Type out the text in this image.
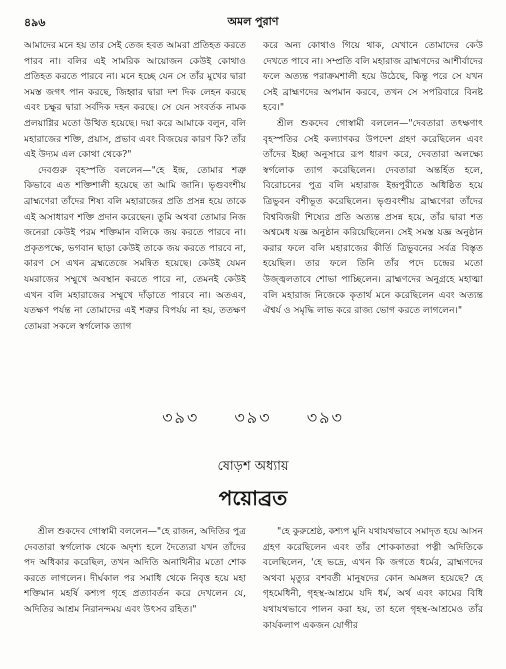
৪৯৬	অমল পুরাণ

আমাদের মনে হয় তার সেই তেজ হবত আমরা প্রতিহত করতে পারব না। বলির এই সামরিক আয়োজন কেউই কোথাও প্রতিহত করতে পারবে না। মনে হচ্ছে যেন সে তাঁর মুখের দ্বারা সমস্ত জগৎ পান করছে, জিহ্বার দ্বারা দশ দিক লেহন করছে এবং চক্ষুর দ্বারা সর্বদিক দহন করছে। সে যেন সংবর্তক নামক প্রলয়াগ্নির মতো উত্থিত হয়েছে। দয়া করে আমাকে বলুন, বলি মহারাজের শক্তি, প্রয়াস, প্রভাব এবং বিজয়ের কারণ কি? তাঁর এই উদ্যম এল কোথা থেকে?"

দেবগুরু বৃহস্পতি বললেন—"হে ইন্দ্র, তোমার শত্রু কিভাবে এত শক্তিশালী হয়েছে তা আমি জানি। ভৃগুবংশীয় ব্রাহ্মণেরা তাঁদের শিষ্য বলি মহারাজের প্রতি প্রসন্ন হয়ে তাকে এই অসাধারণ শক্তি প্রদান করেছেন। তুমি অথবা তোমার নিজ জনেরা কেউই পরম শক্তিমান বলিকে জয় করতে পারবে না। প্রকৃতপক্ষে, ভগবান ছাড়া কেউই তাকে জয় করতে পারবে না, কারণ সে এখন ব্রহ্মতেজে সমন্বিত হয়েছে। কেউই যেমন যমরাজের সম্মুখে অবস্থান করতে পারে না, তেমনই কেউই এখন বলি মহারাজের সম্মুখে দাঁড়াতে পারবে না। অতএব, যতক্ষণ পর্যন্ত না তোমাদের এই শত্রুর বিপর্যয় না হয়, ততক্ষণ তোমরা সকলে স্বর্গলোক ত্যাগ

করে অন্য কোথাও গিয়ে থাক, যেখানে তোমাদের কেউ দেখতে পাবে না। সম্প্রতি বলি মহারাজ ব্রাহ্মণদের আশীর্বাদের ফলে অত্যন্ত পরাক্রমশালী হয়ে উঠেছে, কিন্তু পরে সে যখন সেই ব্রাহ্মণদের অপমান করবে, তখন সে সপরিবারে বিনষ্ট হবে।"

শ্রীল শুকদেব গোস্বামী বললেন—"দেবতারা তৎক্ষণাৎ বৃহস্পতির সেই কল্যাণকর উপদেশ গ্রহণ করেছিলেন এবং তাঁদের ইচ্ছা অনুসারে রূপ ধারণ করে, দেবতারা অলক্ষ্যে স্বর্গলোক ত্যাগ করেছিলেন। দেবতারা অন্তর্হিত হলে, বিরোচনের পুত্র বলি মহারাজ ইন্দ্রপুরীতে অধিষ্ঠিত হয়ে ত্রিভুবন বশীভূত করেছিলেন। ভৃগুবংশীয় ব্রাহ্মণেরা তাঁদের বিশ্ববিজয়ী শিষ্যের প্রতি অত্যন্ত প্রসন্ন হয়ে, তাঁর দ্বারা শত অশ্বমেধ যজ্ঞ অনুষ্ঠান করিয়েছিলেন। সেই সমস্ত যজ্ঞ অনুষ্ঠান করার ফলে বলি মহারাজের কীর্তি ত্রিভুবনের সর্বত্র বিস্তৃত হয়েছিল। তার ফলে তিনি তাঁর পদে চন্দ্রের মতো উজ্জ্বলতাবে শোভা পাচ্ছিলেন। ব্রাহ্মণদের অনুগ্রহে মহাত্মা বলি মহারাজ নিজেকে কৃতার্থ মনে করেছিলেন এবং অত্যন্ত ঐশ্বর্য ও সমৃদ্ধি লাভ করে রাজ্য ভোগ করতে লাগলেন।"

৩৯৩ ৩৯৩ ৩৯৩
ষোড়শ অধ্যায়
পয়োব্রত

শ্রীল শুকদেব গোস্বামী বললেন—"হে রাজন, অদিতির পুত্র দেবতারা স্বর্গলোক থেকে অদৃশ্য হলে দৈত্যেরা যখন তাঁদের পদ অধিকার করেছিল, তখন অদিতি অনাথিনীর মতো শোক করতে লাগলেন। দীর্ঘকাল পর সমাধি থেকে নিবৃত্ত হয়ে মহা শক্তিমান মহর্ষি কশ্যপ গৃহে প্রত্যাবর্তন করে দেখলেন যে, অদিতির আশ্রম নিরানন্দময় এবং উৎসব রহিত।"

"হে কুরুশ্রেষ্ঠ, কশ্যপ মুনি যথাযথভাবে সমাদৃত হয়ে আসন গ্রহণ করেছিলেন এবং তাঁর শোককাতরা পত্নী অদিতিকে বলেছিলেন, 'হে ভদ্রে, এখন কি জগতে ধর্মের, ব্রাহ্মণদের অথবা মৃত্যুর বশবর্তী মানুষদের কোন অমঙ্গল হয়েছে? হে গৃহমেধিনী, গৃহস্থ-আশ্রমে যদি ধর্ম, অর্থ এবং কামের বিধি যথাযথভাবে পালন করা হয়, তা হলে গৃহস্থ-আশ্রমেও তাঁর কার্যকলাপ একজন যোগীর
